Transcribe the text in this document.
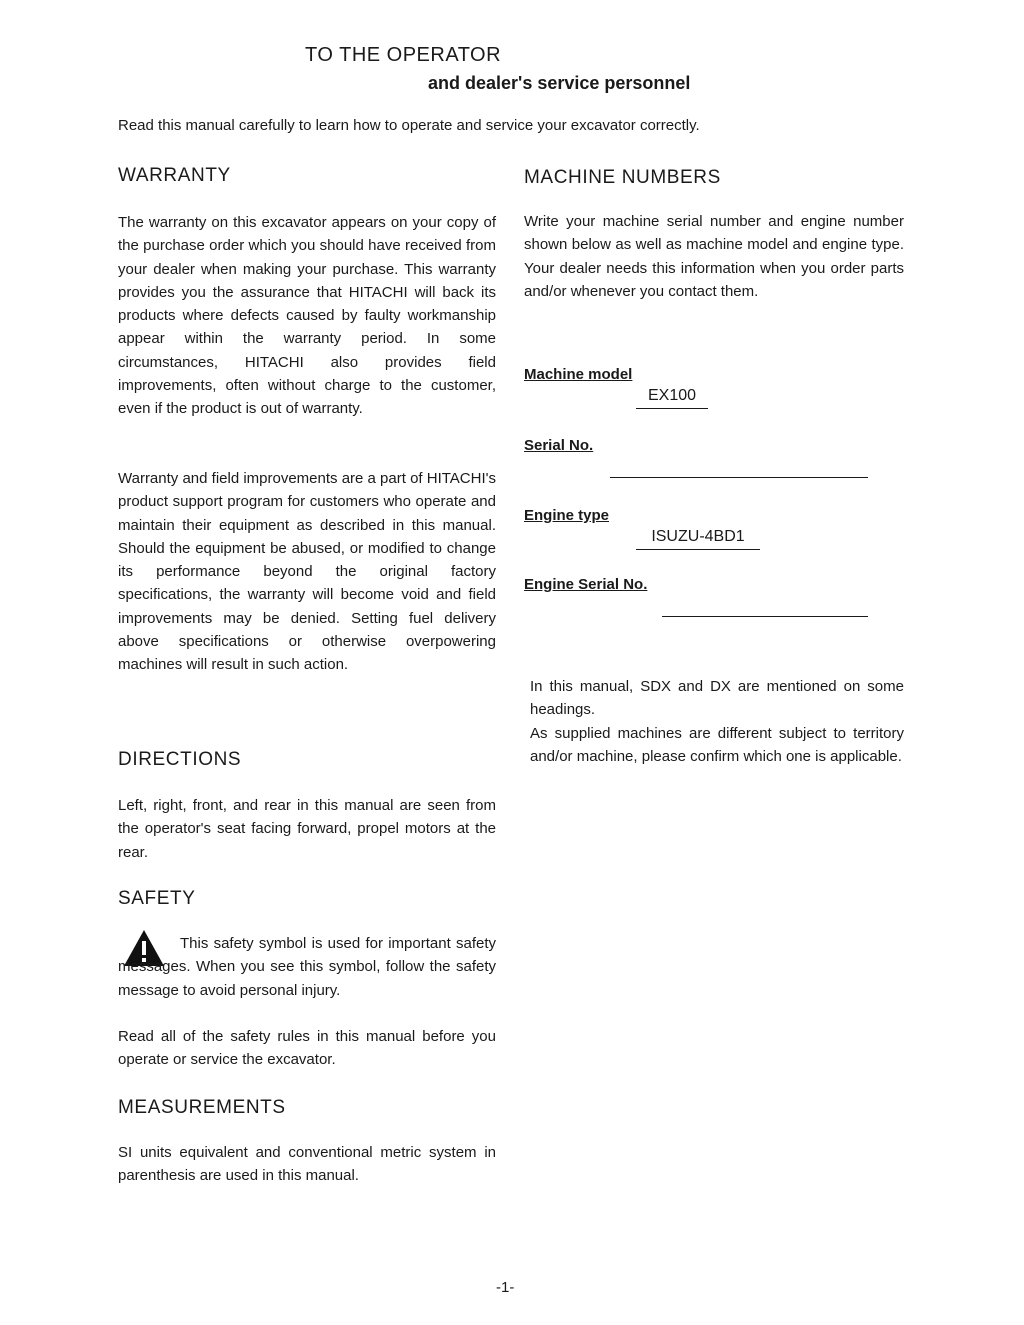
TO THE OPERATOR
and dealer's service personnel
Read this manual carefully to learn how to operate and service your excavator correctly.
WARRANTY
The warranty on this excavator appears on your copy of the purchase order which you should have received from your dealer when making your purchase. This warranty provides you the assurance that HITACHI will back its products where defects caused by faulty workmanship appear within the warranty period. In some circumstances, HITACHI also provides field improvements, often without charge to the customer, even if the product is out of warranty.
Warranty and field improvements are a part of HITACHI's product support program for customers who operate and maintain their equipment as described in this manual. Should the equipment be abused, or modified to change its performance beyond the original factory specifications, the warranty will become void and field improvements may be denied. Setting fuel delivery above specifications or otherwise overpowering machines will result in such action.
DIRECTIONS
Left, right, front, and rear in this manual are seen from the operator's seat facing forward, propel motors at the rear.
SAFETY
This safety symbol is used for important safety messages. When you see this symbol, follow the safety message to avoid personal injury.
Read all of the safety rules in this manual before you operate or service the excavator.
MEASUREMENTS
SI units equivalent and conventional metric system in parenthesis are used in this manual.
MACHINE NUMBERS
Write your machine serial number and engine number shown below as well as machine model and engine type. Your dealer needs this information when you order parts and/or whenever you contact them.
Machine model
EX100
Serial No.
Engine type
ISUZU-4BD1
Engine Serial No.
In this manual, SDX and DX are mentioned on some headings.
As supplied machines are different subject to territory and/or machine, please confirm which one is applicable.
-1-
